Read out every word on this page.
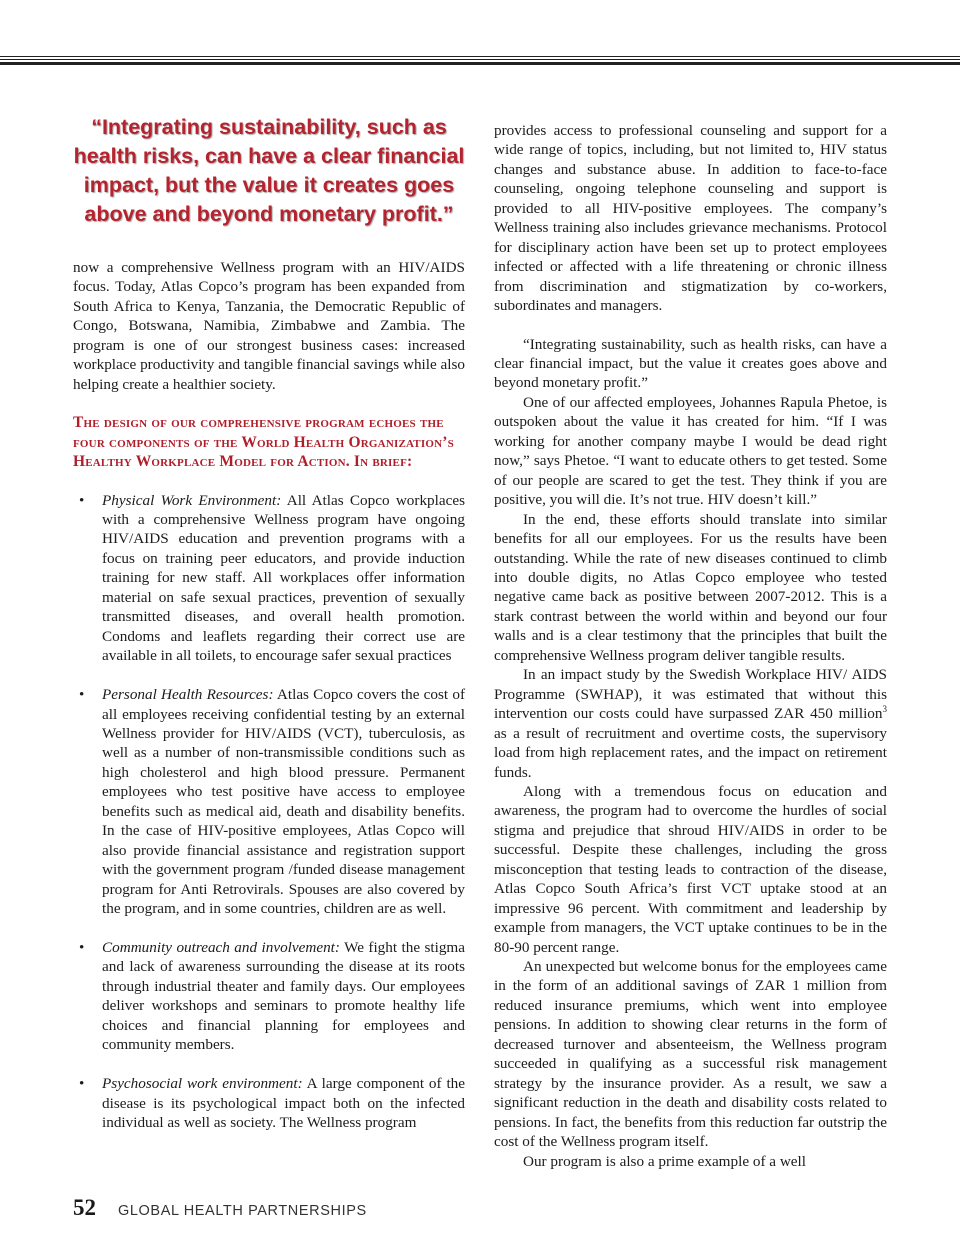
“Integrating sustainability, such as health risks, can have a clear financial impact, but the value it creates goes above and beyond monetary profit.”

now a comprehensive Wellness program with an HIV/AIDS focus. Today, Atlas Copco’s program has been expanded from South Africa to Kenya, Tanzania, the Democratic Republic of Congo, Botswana, Namibia, Zimbabwe and Zambia. The program is one of our strongest business cases: increased workplace productivity and tangible financial savings while also helping create a healthier society.

The design of our comprehensive program echoes the four components of the World Health Organization’s Healthy Workplace Model for Action. In brief:

• Physical Work Environment: All Atlas Copco workplaces with a comprehensive Wellness program have ongoing HIV/AIDS education and prevention programs with a focus on training peer educators, and provide induction training for new staff. All workplaces offer information material on safe sexual practices, prevention of sexually transmitted diseases, and overall health promotion. Condoms and leaflets regarding their correct use are available in all toilets, to encourage safer sexual practices

• Personal Health Resources: Atlas Copco covers the cost of all employees receiving confidential testing by an external Wellness provider for HIV/AIDS (VCT), tuberculosis, as well as a number of non-transmissible conditions such as high cholesterol and high blood pressure. Permanent employees who test positive have access to employee benefits such as medical aid, death and disability benefits. In the case of HIV-positive employees, Atlas Copco will also provide financial assistance and registration support with the government program /funded disease management program for Anti Retrovirals. Spouses are also covered by the program, and in some countries, children are as well.

• Community outreach and involvement: We fight the stigma and lack of awareness surrounding the disease at its roots through industrial theater and family days. Our employees deliver workshops and seminars to promote healthy life choices and financial planning for employees and community members.

• Psychosocial work environment: A large component of the disease is its psychological impact both on the infected individual as well as society. The Wellness program

provides access to professional counseling and support for a wide range of topics, including, but not limited to, HIV status changes and substance abuse. In addition to face-to-face counseling, ongoing telephone counseling and support is provided to all HIV-positive employees. The company’s Wellness training also includes grievance mechanisms. Protocol for disciplinary action have been set up to protect employees infected or affected with a life threatening or chronic illness from discrimination and stigmatization by co-workers, subordinates and managers.

“Integrating sustainability, such as health risks, can have a clear financial impact, but the value it creates goes above and beyond monetary profit.”

One of our affected employees, Johannes Rapula Phetoe, is outspoken about the value it has created for him. “If I was working for another company maybe I would be dead right now,” says Phetoe. “I want to educate others to get tested. Some of our people are scared to get the test. They think if you are positive, you will die. It’s not true. HIV doesn’t kill.”

In the end, these efforts should translate into similar benefits for all our employees. For us the results have been outstanding. While the rate of new diseases continued to climb into double digits, no Atlas Copco employee who tested negative came back as positive between 2007-2012. This is a stark contrast between the world within and beyond our four walls and is a clear testimony that the principles that built the comprehensive Wellness program deliver tangible results.

In an impact study by the Swedish Workplace HIV/ AIDS Programme (SWHAP), it was estimated that without this intervention our costs could have surpassed ZAR 450 million$^3$ as a result of recruitment and overtime costs, the supervisory load from high replacement rates, and the impact on retirement funds.

Along with a tremendous focus on education and awareness, the program had to overcome the hurdles of social stigma and prejudice that shroud HIV/AIDS in order to be successful. Despite these challenges, including the gross misconception that testing leads to contraction of the disease, Atlas Copco South Africa’s first VCT uptake stood at an impressive 96 percent. With commitment and leadership by example from managers, the VCT uptake continues to be in the 80-90 percent range.

An unexpected but welcome bonus for the employees came in the form of an additional savings of ZAR 1 million from reduced insurance premiums, which went into employee pensions. In addition to showing clear returns in the form of decreased turnover and absenteeism, the Wellness program succeeded in qualifying as a successful risk management strategy by the insurance provider. As a result, we saw a significant reduction in the death and disability costs related to pensions. In fact, the benefits from this reduction far outstrip the cost of the Wellness program itself.

Our program is also a prime example of a well

52 GLOBAL HEALTH PARTNERSHIPS
